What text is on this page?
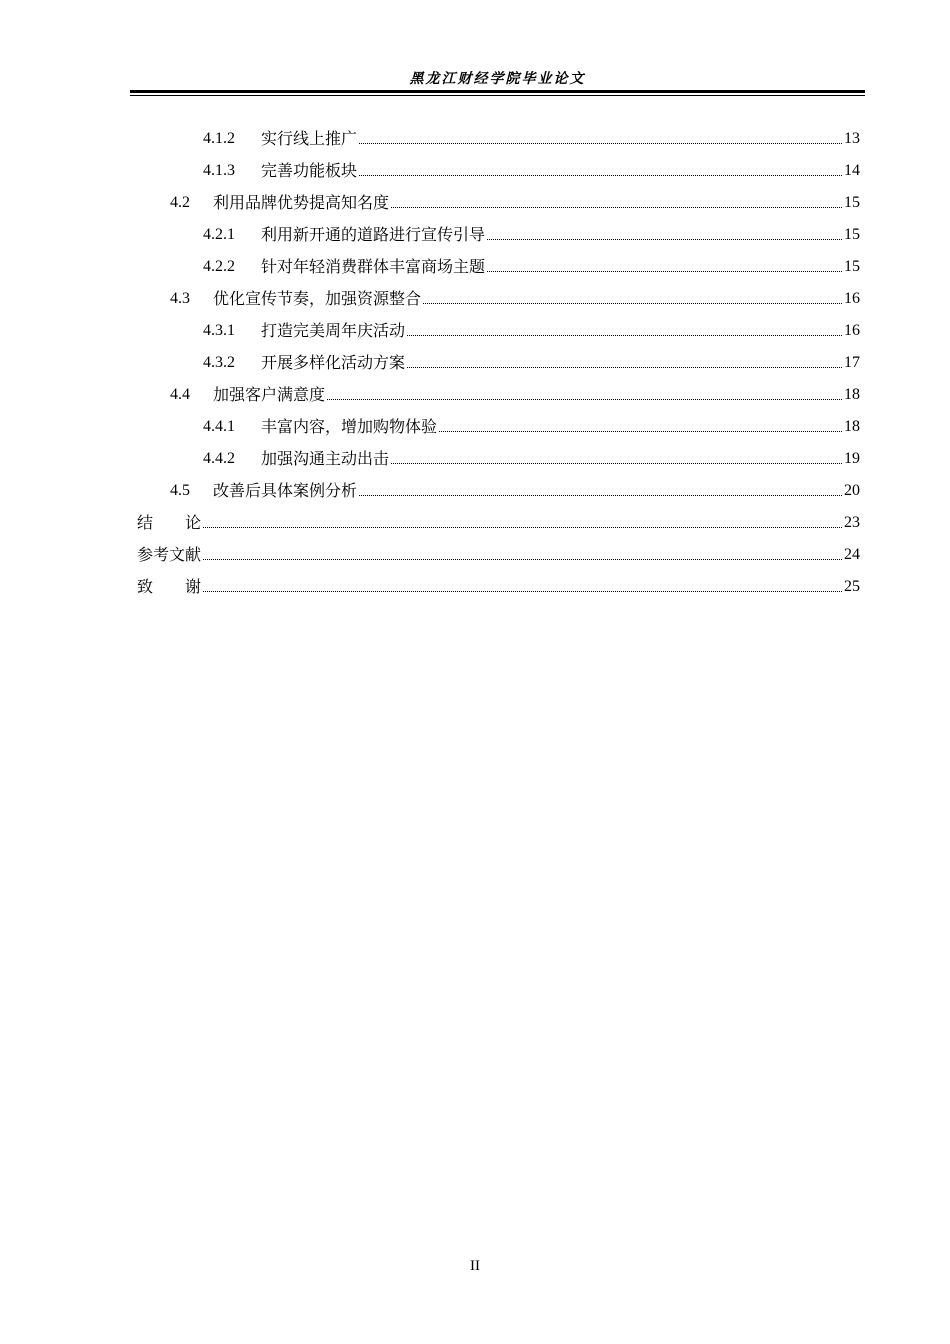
黑龙江财经学院毕业论文
4.1.2	实行线上推广	13
4.1.3	完善功能板块	14
4.2	利用品牌优势提高知名度	15
4.2.1	利用新开通的道路进行宣传引导	15
4.2.2	针对年轻消费群体丰富商场主题	15
4.3	优化宣传节奏，加强资源整合	16
4.3.1	打造完美周年庆活动	16
4.3.2	开展多样化活动方案	17
4.4	加强客户满意度	18
4.4.1	丰富内容，增加购物体验	18
4.4.2	加强沟通主动出击	19
4.5	改善后具体案例分析	20
结　　论	23
参考文献	24
致　　谢	25
II
